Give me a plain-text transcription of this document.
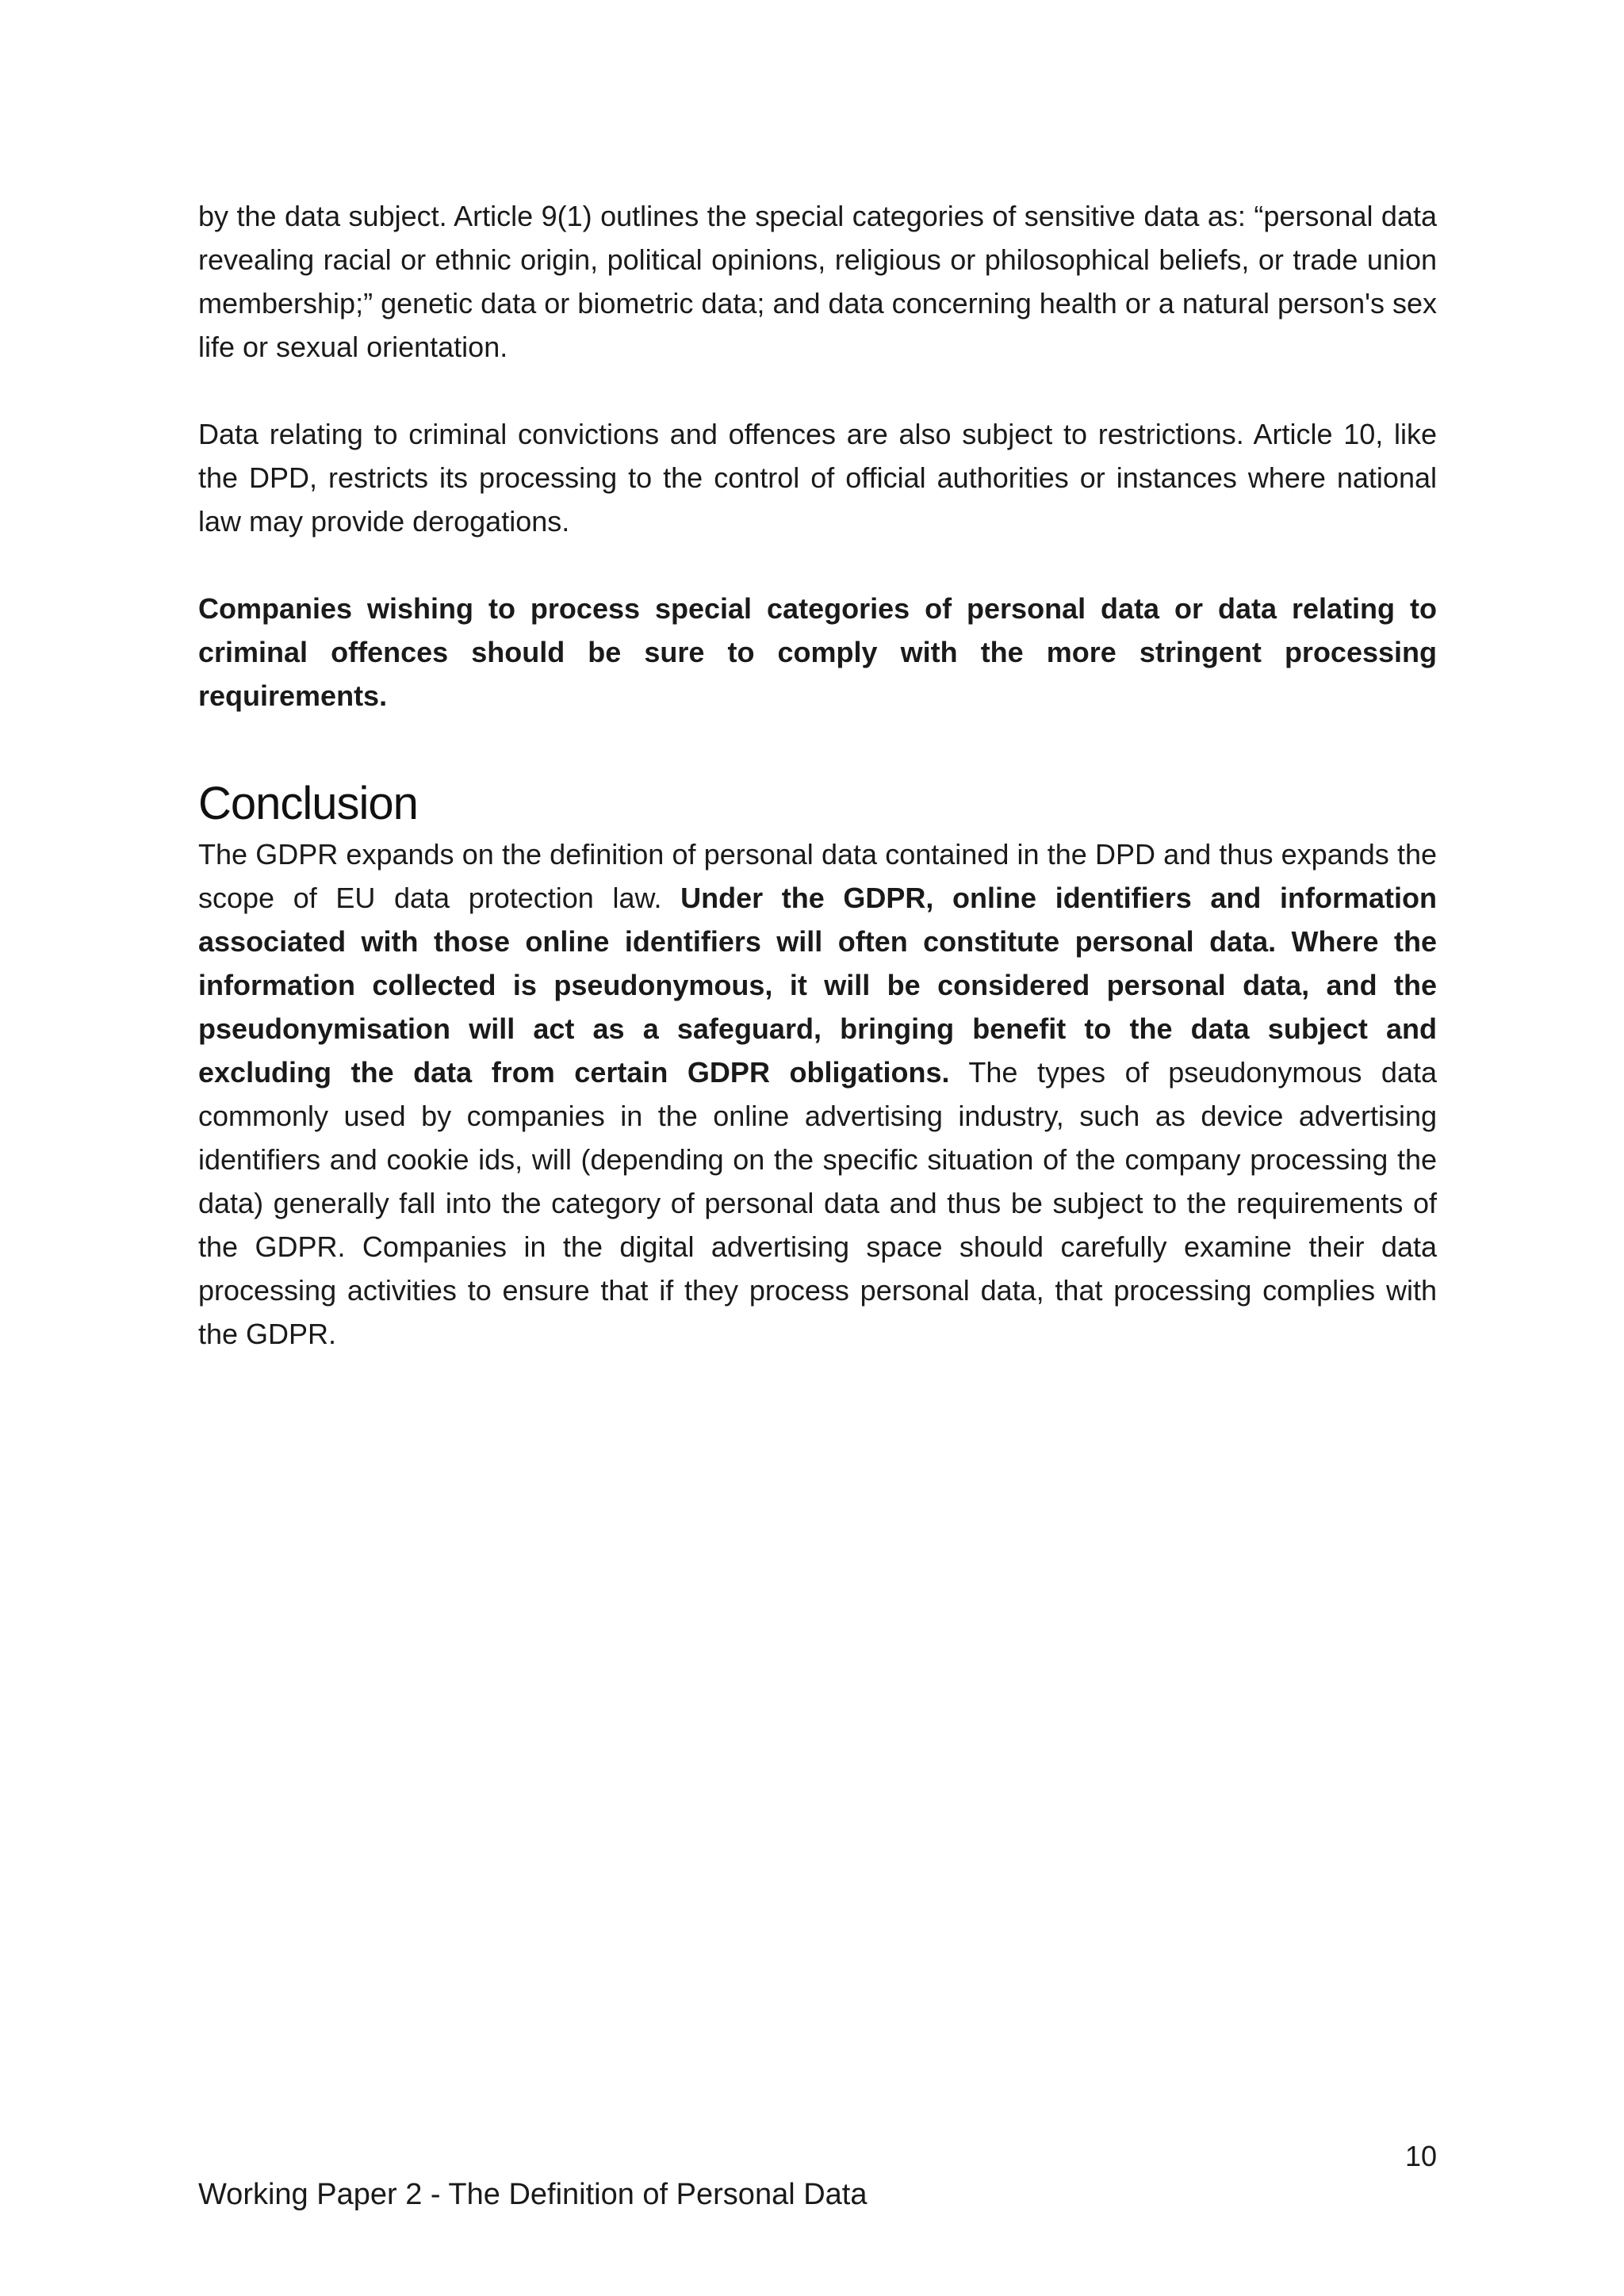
by the data subject. Article 9(1) outlines the special categories of sensitive data as: “personal data revealing racial or ethnic origin, political opinions, religious or philosophical beliefs, or trade union membership;” genetic data or biometric data; and data concerning health or a natural person's sex life or sexual orientation.

Data relating to criminal convictions and offences are also subject to restrictions. Article 10, like the DPD, restricts its processing to the control of official authorities or instances where national law may provide derogations.

Companies wishing to process special categories of personal data or data relating to criminal offences should be sure to comply with the more stringent processing requirements.

Conclusion

The GDPR expands on the definition of personal data contained in the DPD and thus expands the scope of EU data protection law. Under the GDPR, online identifiers and information associated with those online identifiers will often constitute personal data. Where the information collected is pseudonymous, it will be considered personal data, and the pseudonymisation will act as a safeguard, bringing benefit to the data subject and excluding the data from certain GDPR obligations. The types of pseudonymous data commonly used by companies in the online advertising industry, such as device advertising identifiers and cookie ids, will (depending on the specific situation of the company processing the data) generally fall into the category of personal data and thus be subject to the requirements of the GDPR. Companies in the digital advertising space should carefully examine their data processing activities to ensure that if they process personal data, that processing complies with the GDPR.

10
Working Paper 2 - The Definition of Personal Data
